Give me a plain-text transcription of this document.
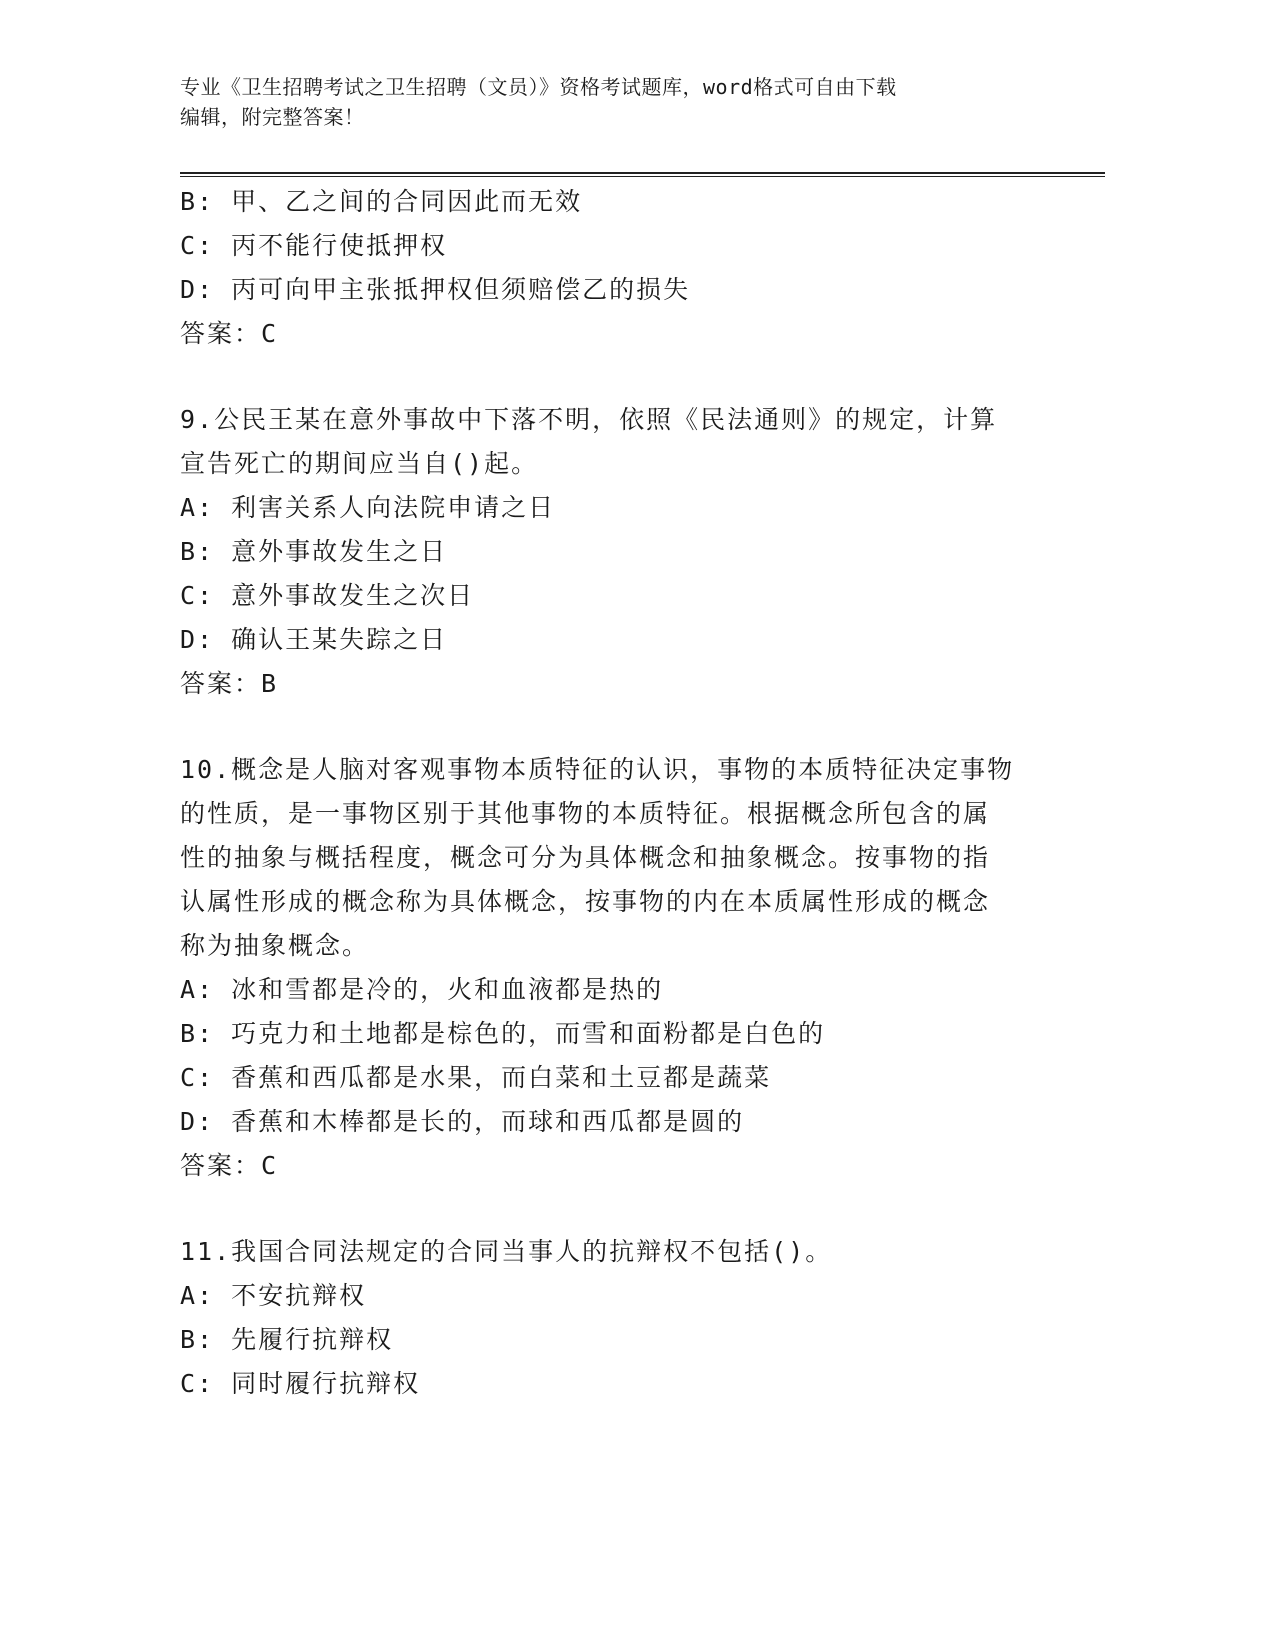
专业《卫生招聘考试之卫生招聘（文员）》资格考试题库，word格式可自由下载
编辑，附完整答案！
B: 甲、乙之间的合同因此而无效
C: 丙不能行使抵押权
D: 丙可向甲主张抵押权但须赔偿乙的损失
答案：C
9.公民王某在意外事故中下落不明，依照《民法通则》的规定，计算
宣告死亡的期间应当自()起。
A: 利害关系人向法院申请之日
B: 意外事故发生之日
C: 意外事故发生之次日
D: 确认王某失踪之日
答案：B
10.概念是人脑对客观事物本质特征的认识，事物的本质特征决定事物
的性质，是一事物区别于其他事物的本质特征。根据概念所包含的属
性的抽象与概括程度，概念可分为具体概念和抽象概念。按事物的指
认属性形成的概念称为具体概念，按事物的内在本质属性形成的概念
称为抽象概念。
A: 冰和雪都是冷的，火和血液都是热的
B: 巧克力和土地都是棕色的，而雪和面粉都是白色的
C: 香蕉和西瓜都是水果，而白菜和土豆都是蔬菜
D: 香蕉和木棒都是长的，而球和西瓜都是圆的
答案：C
11.我国合同法规定的合同当事人的抗辩权不包括()。
A: 不安抗辩权
B: 先履行抗辩权
C: 同时履行抗辩权
